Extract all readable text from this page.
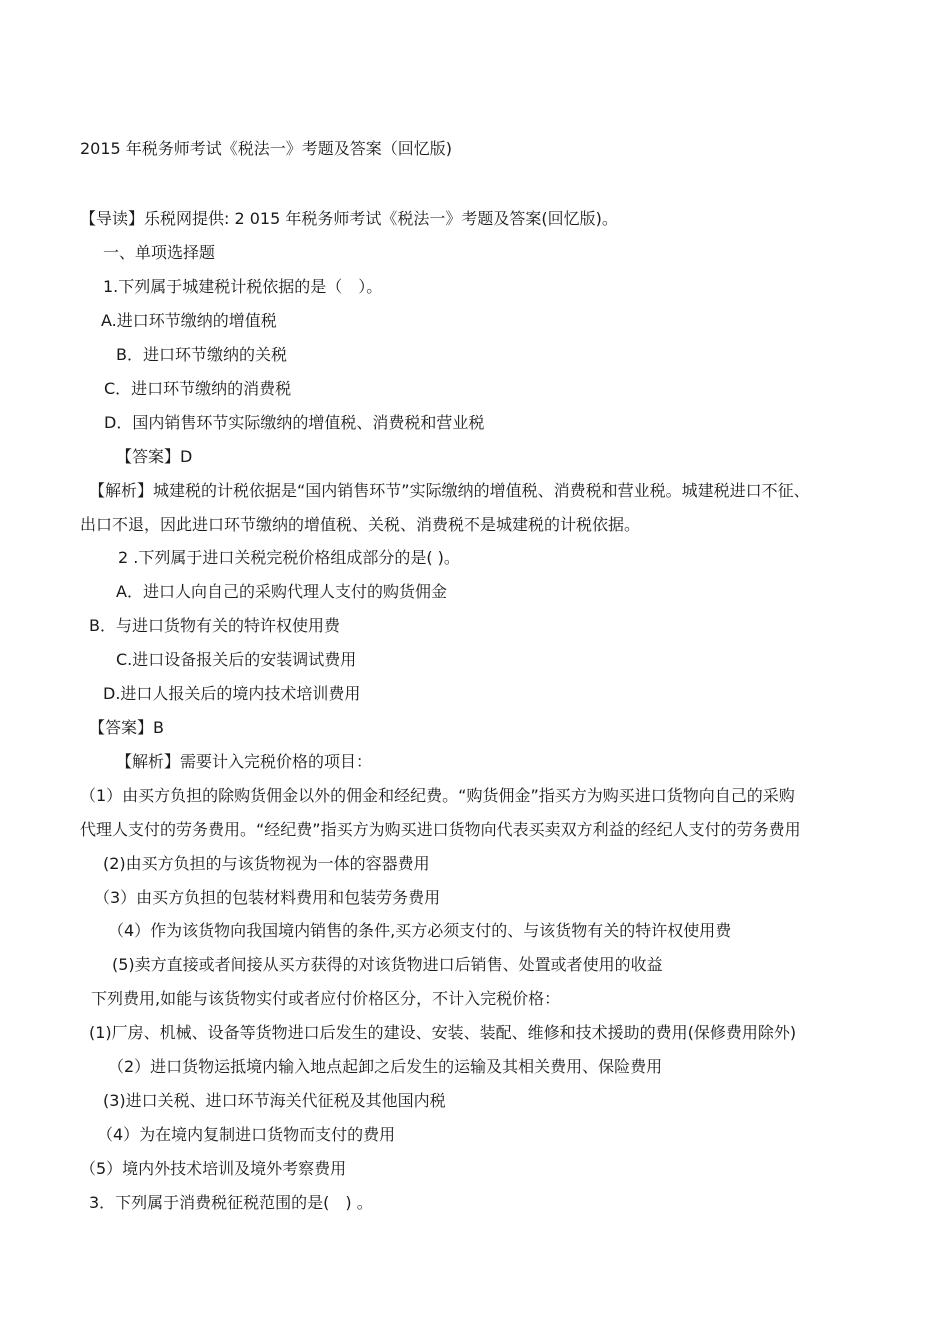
2015 年税务师考试《税法一》考题及答案（回忆版)
【导读】乐税网提供: 2 015 年税务师考试《税法一》考题及答案(回忆版)。
一、单项选择题
1.下列属于城建税计税依据的是（　）。
A.进口环节缴纳的增值税
B．进口环节缴纳的关税
C．进口环节缴纳的消费税
D．国内销售环节实际缴纳的增值税、消费税和营业税
【答案】D
【解析】城建税的计税依据是“国内销售环节”实际缴纳的增值税、消费税和营业税。城建税进口不征、
出口不退，因此进口环节缴纳的增值税、关税、消费税不是城建税的计税依据。
2 .下列属于进口关税完税价格组成部分的是( )。
A．进口人向自己的采购代理人支付的购货佣金
B．与进口货物有关的特许权使用费
C.进口设备报关后的安装调试费用
D.进口人报关后的境内技术培训费用
【答案】B
【解析】需要计入完税价格的项目：
（1）由买方负担的除购货佣金以外的佣金和经纪费。“购货佣金”指买方为购买进口货物向自己的采购
代理人支付的劳务费用。“经纪费”指买方为购买进口货物向代表买卖双方利益的经纪人支付的劳务费用
(2)由买方负担的与该货物视为一体的容器费用
（3）由买方负担的包装材料费用和包装劳务费用
（4）作为该货物向我国境内销售的条件,买方必须支付的、与该货物有关的特许权使用费
(5)卖方直接或者间接从买方获得的对该货物进口后销售、处置或者使用的收益
下列费用,如能与该货物实付或者应付价格区分，不计入完税价格：
(1)厂房、机械、设备等货物进口后发生的建设、安装、装配、维修和技术援助的费用(保修费用除外)
（2）进口货物运抵境内输入地点起卸之后发生的运输及其相关费用、保险费用
(3)进口关税、进口环节海关代征税及其他国内税
（4）为在境内复制进口货物而支付的费用
（5）境内外技术培训及境外考察费用
3．下列属于消费税征税范围的是(　) 。
